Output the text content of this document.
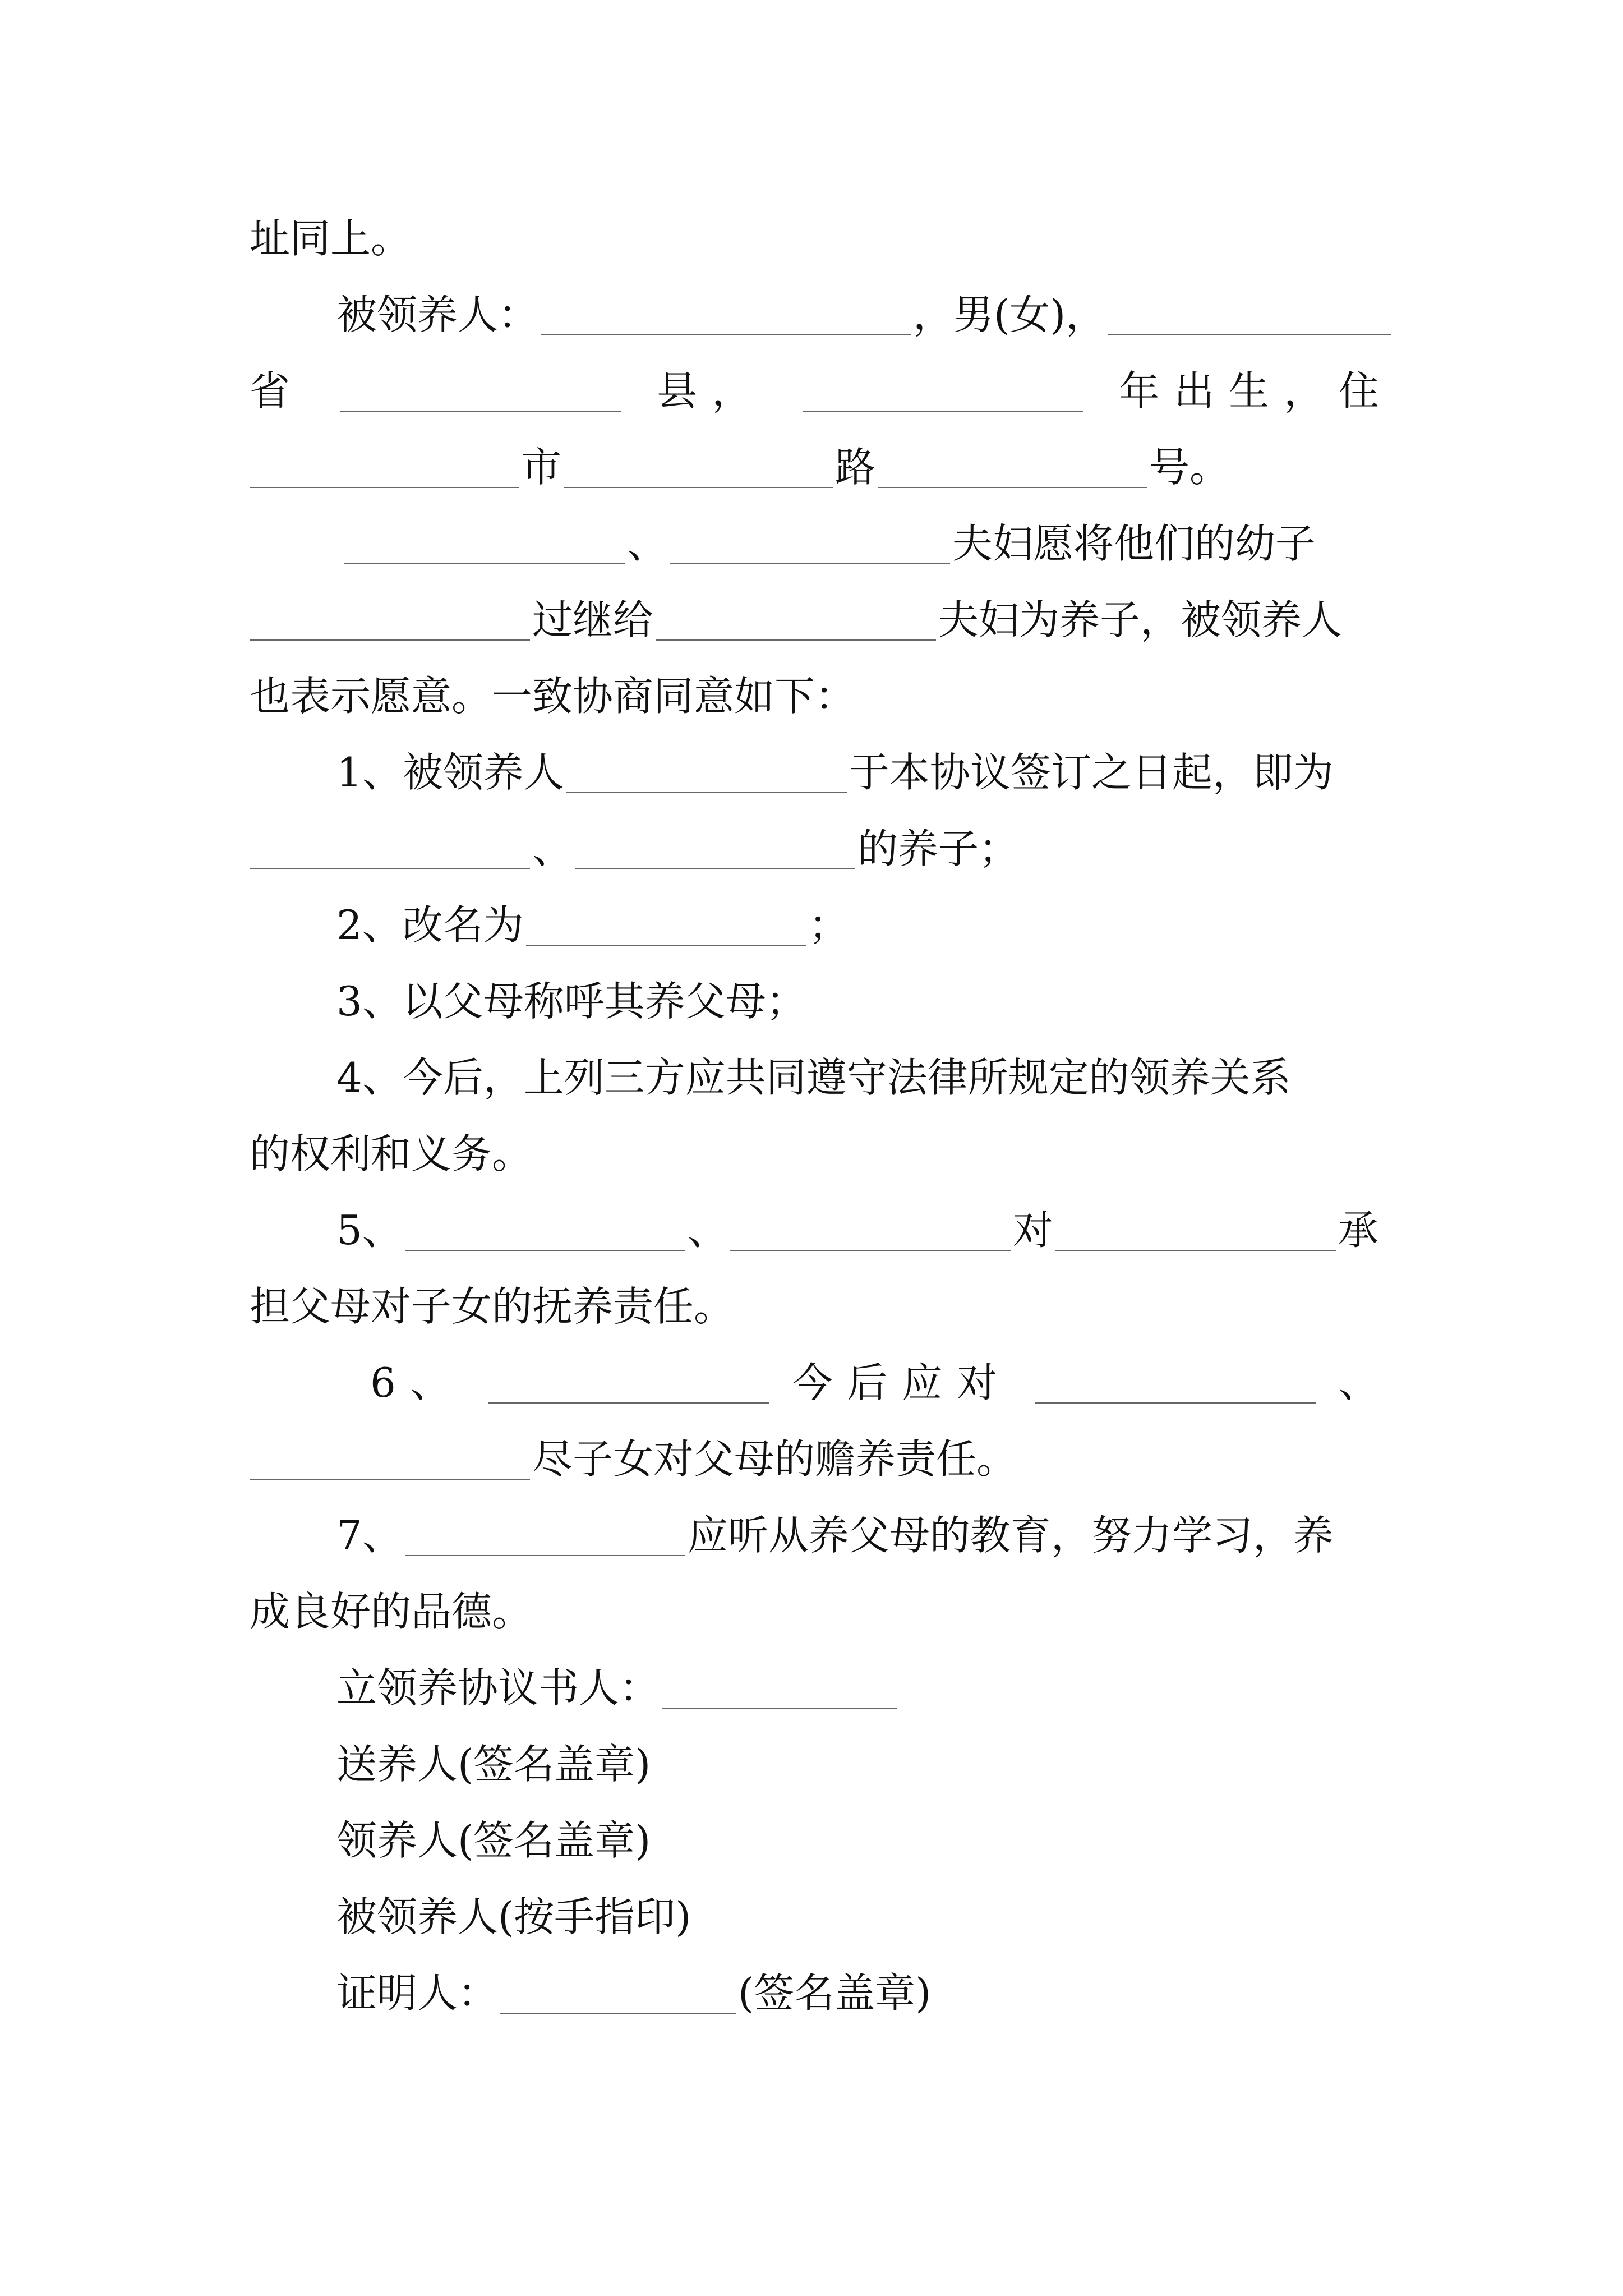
址同上。
被领养人：	，男(女)，
省	县，	年出生，住
市	路	号。
、	夫妇愿将他们的幼子
过继给	夫妇为养子，被领养人
也表示愿意。一致协商同意如下：
1、被领养人	于本协议签订之日起，即为
、	的养子；
2、改名为	；
3、以父母称呼其养父母；
4、今后，上列三方应共同遵守法律所规定的领养关系
的权利和义务。
5、	、	对	承
担父母对子女的抚养责任。
6、	今后应对	、
尽子女对父母的赡养责任。
7、	应听从养父母的教育，努力学习，养
成良好的品德。
立领养协议书人：
送养人(签名盖章)
领养人(签名盖章)
被领养人(按手指印)
证明人：	(签名盖章)
